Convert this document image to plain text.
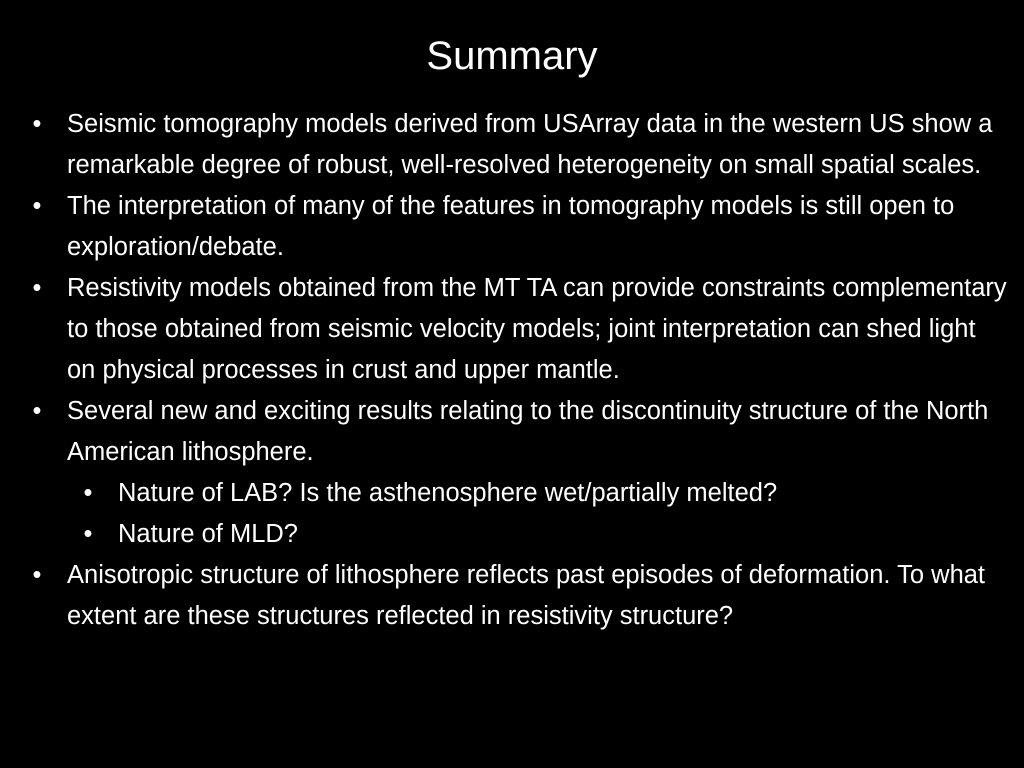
Summary
• Seismic tomography models derived from USArray data in the western US show a remarkable degree of robust, well-resolved heterogeneity on small spatial scales.
• The interpretation of many of the features in tomography models is still open to exploration/debate.
• Resistivity models obtained from the MT TA can provide constraints complementary to those obtained from seismic velocity models; joint interpretation can shed light on physical processes in crust and upper mantle.
• Several new and exciting results relating to the discontinuity structure of the North American lithosphere.
• Nature of LAB? Is the asthenosphere wet/partially melted?
• Nature of MLD?
• Anisotropic structure of lithosphere reflects past episodes of deformation. To what extent are these structures reflected in resistivity structure?
